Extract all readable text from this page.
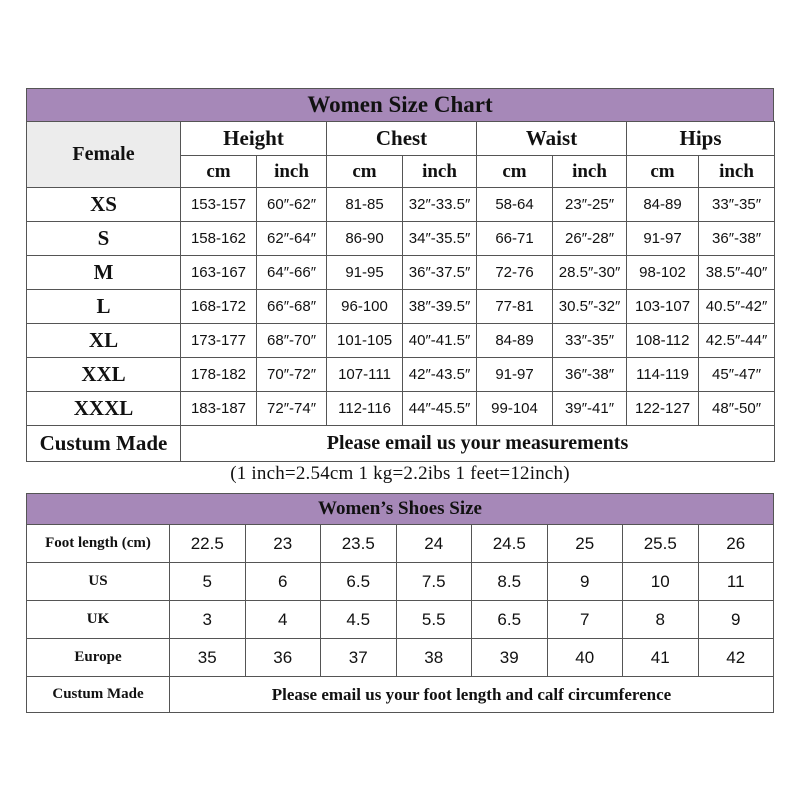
Women Size Chart
Female	Height		Chest		Waist		Hips	
	cm	inch	cm	inch	cm	inch	cm	inch
XS	153-157	60″-62″	81-85	32″-33.5″	58-64	23″-25″	84-89	33″-35″
S	158-162	62″-64″	86-90	34″-35.5″	66-71	26″-28″	91-97	36″-38″
M	163-167	64″-66″	91-95	36″-37.5″	72-76	28.5″-30″	98-102	38.5″-40″
L	168-172	66″-68″	96-100	38″-39.5″	77-81	30.5″-32″	103-107	40.5″-42″
XL	173-177	68″-70″	101-105	40″-41.5″	84-89	33″-35″	108-112	42.5″-44″
XXL	178-182	70″-72″	107-111	42″-43.5″	91-97	36″-38″	114-119	45″-47″
XXXL	183-187	72″-74″	112-116	44″-45.5″	99-104	39″-41″	122-127	48″-50″
Custum Made	Please email us your measurements							
(1 inch=2.54cm 1 kg=2.2ibs 1 feet=12inch)
Women’s Shoes Size
Foot length (cm)	22.5	23	23.5	24	24.5	25	25.5	26
US	5	6	6.5	7.5	8.5	9	10	11
UK	3	4	4.5	5.5	6.5	7	8	9
Europe	35	36	37	38	39	40	41	42
Custum Made	Please email us your foot length and calf circumference							
